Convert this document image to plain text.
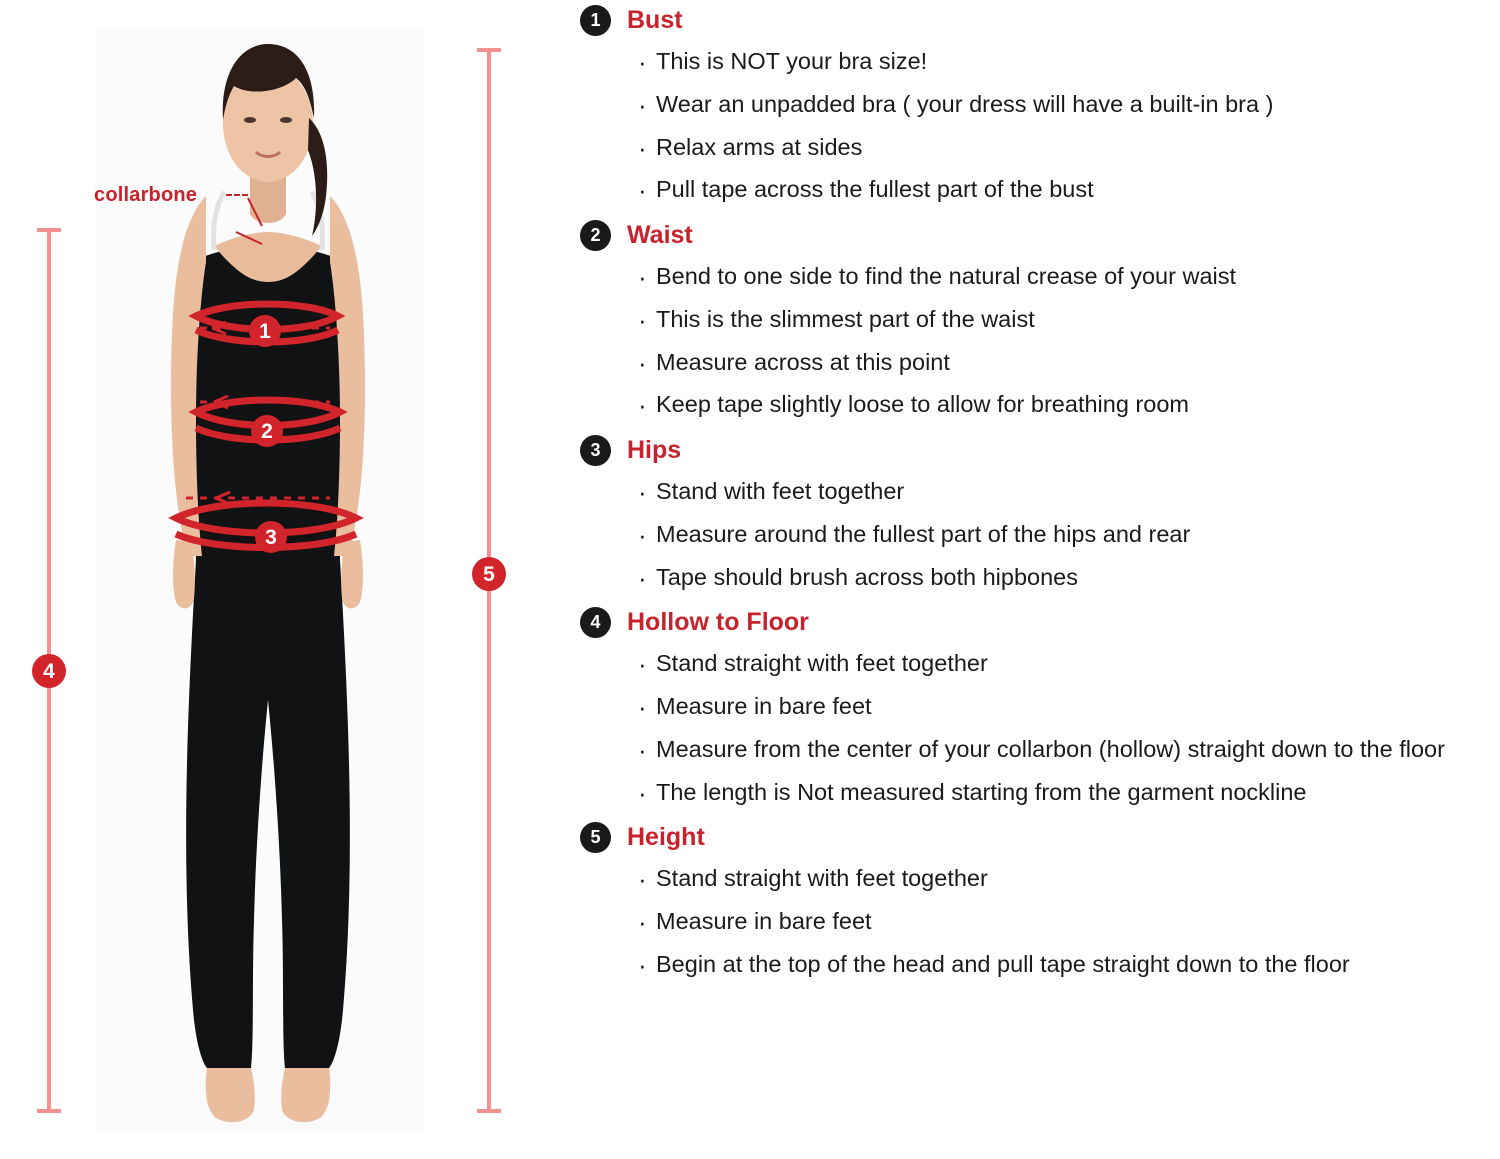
4
5
1
2
3
collarbone
1	Bust
· This is NOT your bra size!
· Wear an unpadded bra ( your dress will have a built-in bra )
· Relax arms at sides
· Pull tape across the fullest part of the bust
2	Waist
· Bend to one side to find the natural crease of your waist
· This is the slimmest part of the waist
· Measure across at this point
· Keep tape slightly loose to allow for breathing room
3	Hips
· Stand with feet together
· Measure around the fullest part of the hips and rear
· Tape should brush across both hipbones
4	Hollow to Floor
· Stand straight with feet together
· Measure in bare feet
· Measure from the center of your collarbon (hollow) straight down to the floor
· The length is Not measured starting from the garment nockline
5	Height
· Stand straight with feet together
· Measure in bare feet
· Begin at the top of the head and pull tape straight down to the floor
